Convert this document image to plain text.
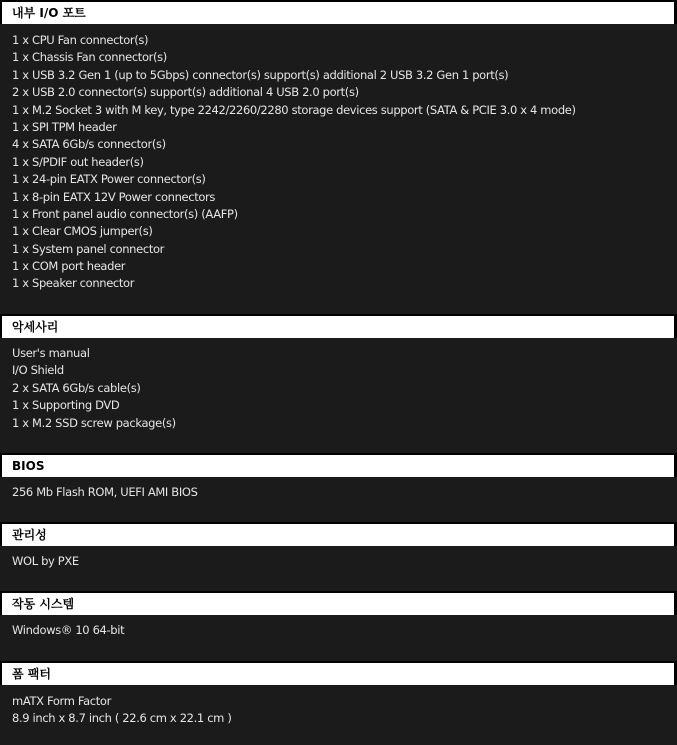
내부 I/O 포트
1 x CPU Fan connector(s)
1 x Chassis Fan connector(s)
1 x USB 3.2 Gen 1 (up to 5Gbps) connector(s) support(s) additional 2 USB 3.2 Gen 1 port(s)
2 x USB 2.0 connector(s) support(s) additional 4 USB 2.0 port(s)
1 x M.2 Socket 3 with M key, type 2242/2260/2280 storage devices support (SATA & PCIE 3.0 x 4 mode)
1 x SPI TPM header
4 x SATA 6Gb/s connector(s)
1 x S/PDIF out header(s)
1 x 24-pin EATX Power connector(s)
1 x 8-pin EATX 12V Power connectors
1 x Front panel audio connector(s) (AAFP)
1 x Clear CMOS jumper(s)
1 x System panel connector
1 x COM port header
1 x Speaker connector
악세사리
User's manual
I/O Shield
2 x SATA 6Gb/s cable(s)
1 x Supporting DVD
1 x M.2 SSD screw package(s)
BIOS
256 Mb Flash ROM, UEFI AMI BIOS
관리성
WOL by PXE
작동 시스템
Windows® 10 64-bit
폼 팩터
mATX Form Factor
8.9 inch x 8.7 inch ( 22.6 cm x 22.1 cm )
